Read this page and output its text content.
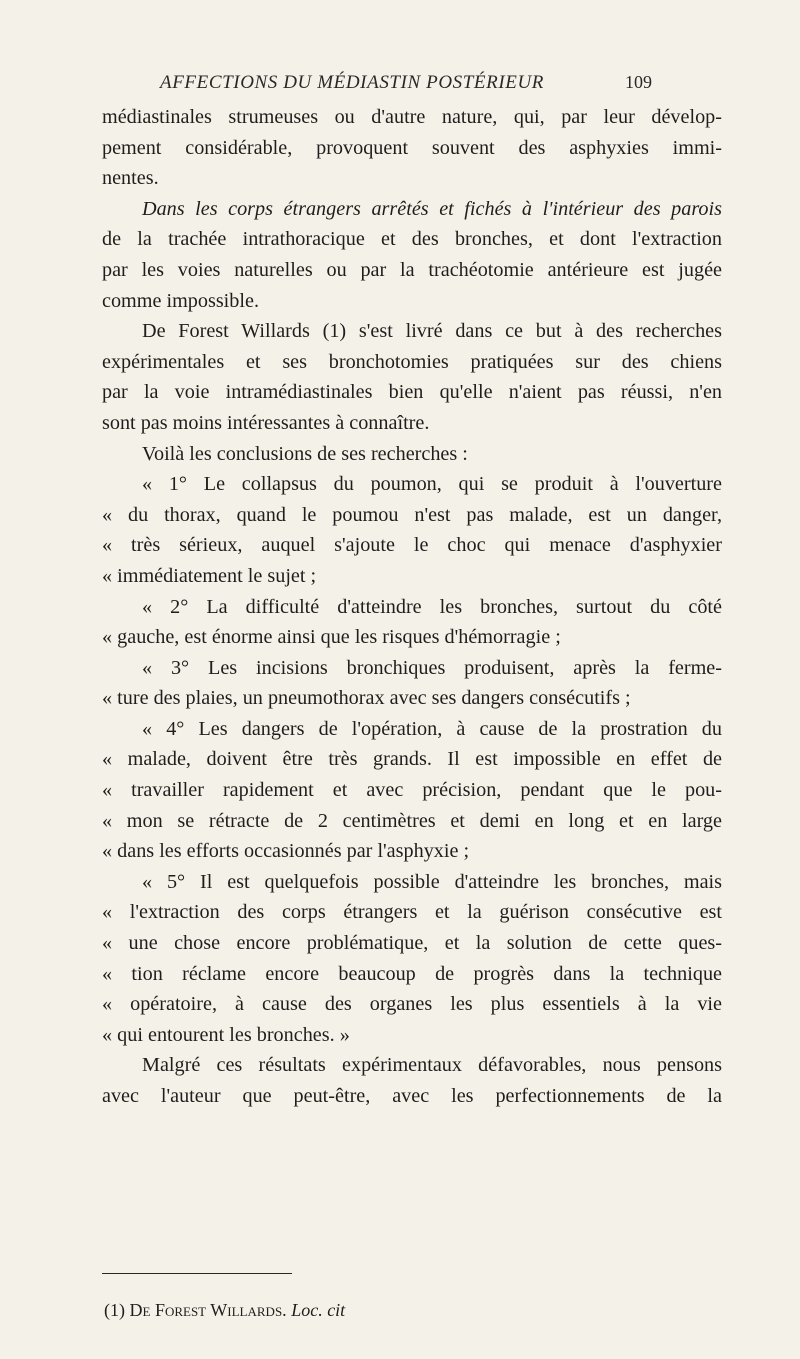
AFFECTIONS DU MÉDIASTIN POSTÉRIEUR	109

médiastinales strumeuses ou d'autre nature, qui, par leur dévelop-

pement considérable, provoquent souvent des asphyxies immi-

nentes.

Dans les corps étrangers arrêtés et fichés à l'intérieur des parois

de la trachée intrathoracique et des bronches, et dont l'extraction

par les voies naturelles ou par la trachéotomie antérieure est jugée

comme impossible.

De Forest Willards (1) s'est livré dans ce but à des recherches

expérimentales et ses bronchotomies pratiquées sur des chiens

par la voie intramédiastinales bien qu'elle n'aient pas réussi, n'en

sont pas moins intéressantes à connaître.

Voilà les conclusions de ses recherches :

« 1° Le collapsus du poumon, qui se produit à l'ouverture

« du thorax, quand le poumou n'est pas malade, est un danger,

« très sérieux, auquel s'ajoute le choc qui menace d'asphyxier

« immédiatement le sujet ;

« 2° La difficulté d'atteindre les bronches, surtout du côté

« gauche, est énorme ainsi que les risques d'hémorragie ;

« 3° Les incisions bronchiques produisent, après la ferme-

« ture des plaies, un pneumothorax avec ses dangers consécutifs ;

« 4° Les dangers de l'opération, à cause de la prostration du

« malade, doivent être très grands. Il est impossible en effet de

« travailler rapidement et avec précision, pendant que le pou-

« mon se rétracte de 2 centimètres et demi en long et en large

« dans les efforts occasionnés par l'asphyxie ;

« 5° Il est quelquefois possible d'atteindre les bronches, mais

« l'extraction des corps étrangers et la guérison consécutive est

« une chose encore problématique, et la solution de cette ques-

« tion réclame encore beaucoup de progrès dans la technique

« opératoire, à cause des organes les plus essentiels à la vie

« qui entourent les bronches. »

Malgré ces résultats expérimentaux défavorables, nous pensons

avec l'auteur que peut-être, avec les perfectionnements de la

(1) De Forest Willards. Loc. cit
